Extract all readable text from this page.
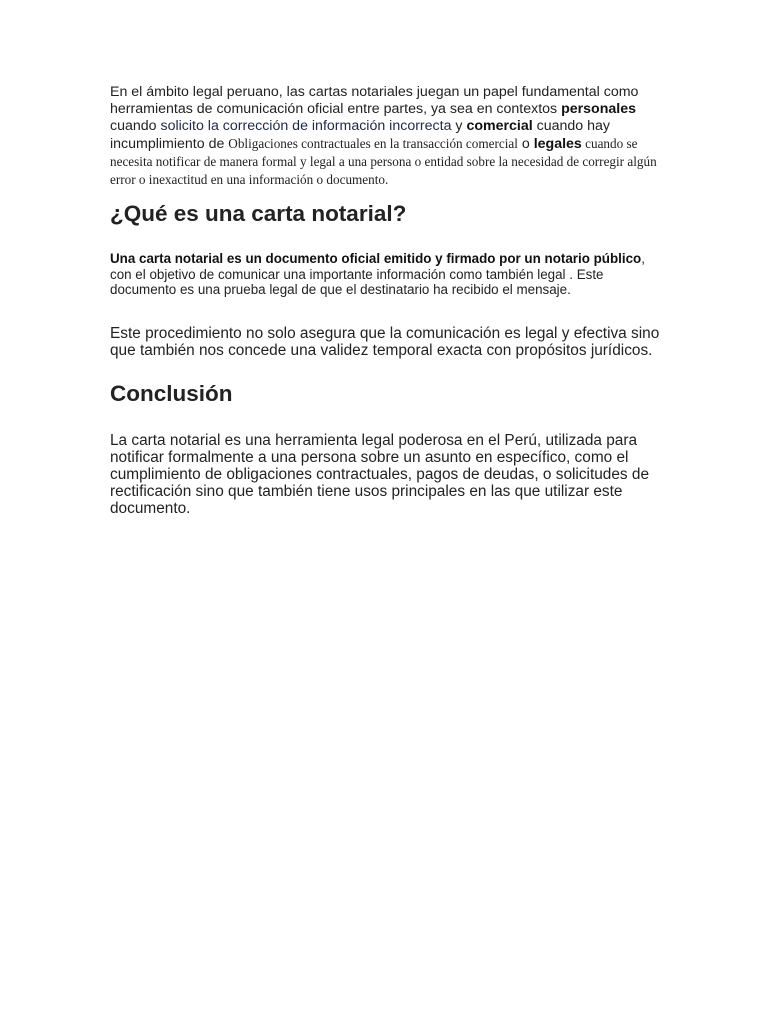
En el ámbito legal peruano, las cartas notariales juegan un papel fundamental como herramientas de comunicación oficial entre partes, ya sea en contextos personales cuando solicito la corrección de información incorrecta y comercial cuando hay incumplimiento de Obligaciones contractuales en la transacción comercial o legales cuando se necesita notificar de manera formal y legal a una persona o entidad sobre la necesidad de corregir algún error o inexactitud en una información o documento.

¿Qué es una carta notarial?

Una carta notarial es un documento oficial emitido y firmado por un notario público, con el objetivo de comunicar una importante información como también legal . Este documento es una prueba legal de que el destinatario ha recibido el mensaje.

Este procedimiento no solo asegura que la comunicación es legal y efectiva sino que también nos concede una validez temporal exacta con propósitos jurídicos.

Conclusión

La carta notarial es una herramienta legal poderosa en el Perú, utilizada para notificar formalmente a una persona sobre un asunto en específico, como el cumplimiento de obligaciones contractuales, pagos de deudas, o solicitudes de rectificación sino que también tiene usos principales en las que utilizar este documento.
